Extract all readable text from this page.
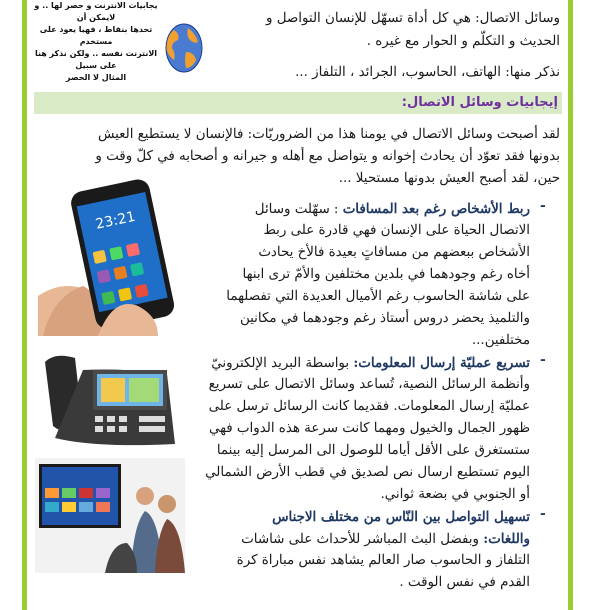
يجابيات الانترنت و حصر لها .. و لايمكن أن
تحدها بنقاط ، فهيا يعود على مستخدم
الانترنت نفسه .. ولكن نذكر هنا على سبيل
المثال لا الحصر
وسائل الاتصال: هي كل أداة تسهّل للإنسان التواصل و
الحديث و التكلّم و الحوار مع غيره .
نذكر منها: الهاتف، الحاسوب، الجرائد ، التلفاز ...
إيجابيات وسائل الاتصال:
لقد أصبحت وسائل الاتصال في يومنا هذا من الضروريّات: فالإنسان لا يستطيع العيش
بدونها فقد تعوّد أن يحادث إخوانه و يتواصل مع أهله و جيرانه و أصحابه في كلّ وقت و
حين، لقد أصبح العيش بدونها مستحيلا ...
23:21
-
ربط الأشخاص رغم بعد المسافات : سهّلت وسائل
الاتصال الحياة على الإنسان فهي قادرة على ربط
الأشخاص ببعضهم من مسافاتٍ بعيدة فالأخ يحادث
أخاه رغم وجودهما في بلدين مختلفين والأمّ ترى ابنها
على شاشة الحاسوب رغم الأميال العديدة التي تفصلهما
والتلميذ يحضر دروس أستاذ رغم وجودهما في مكانين
مختلفين...
-
تسريع عمليّة إرسال المعلومات: بواسطة البريد الإلكترونيّ
وأنظمة الرسائل النصية، تُساعد وسائل الاتصال على تسريع
عمليّة إرسال المعلومات. فقديما كانت الرسائل ترسل على
ظهور الجمال والخيول ومهما كانت سرعة هذه الدواب فهي
ستستغرق على الأقل أياما للوصول الى المرسل إليه بينما
اليوم تستطيع ارسال نص لصديق في قطب الأرض الشمالي
أو الجنوبي في بضعة ثواني.
-
تسهيل التواصل بين النّاس من مختلف الاجناس
واللغات: وبفضل البث المباشر للأحداث على شاشات
التلفاز و الحاسوب صار العالم يشاهد نفس مباراة كرة
القدم في نفس الوقت .
